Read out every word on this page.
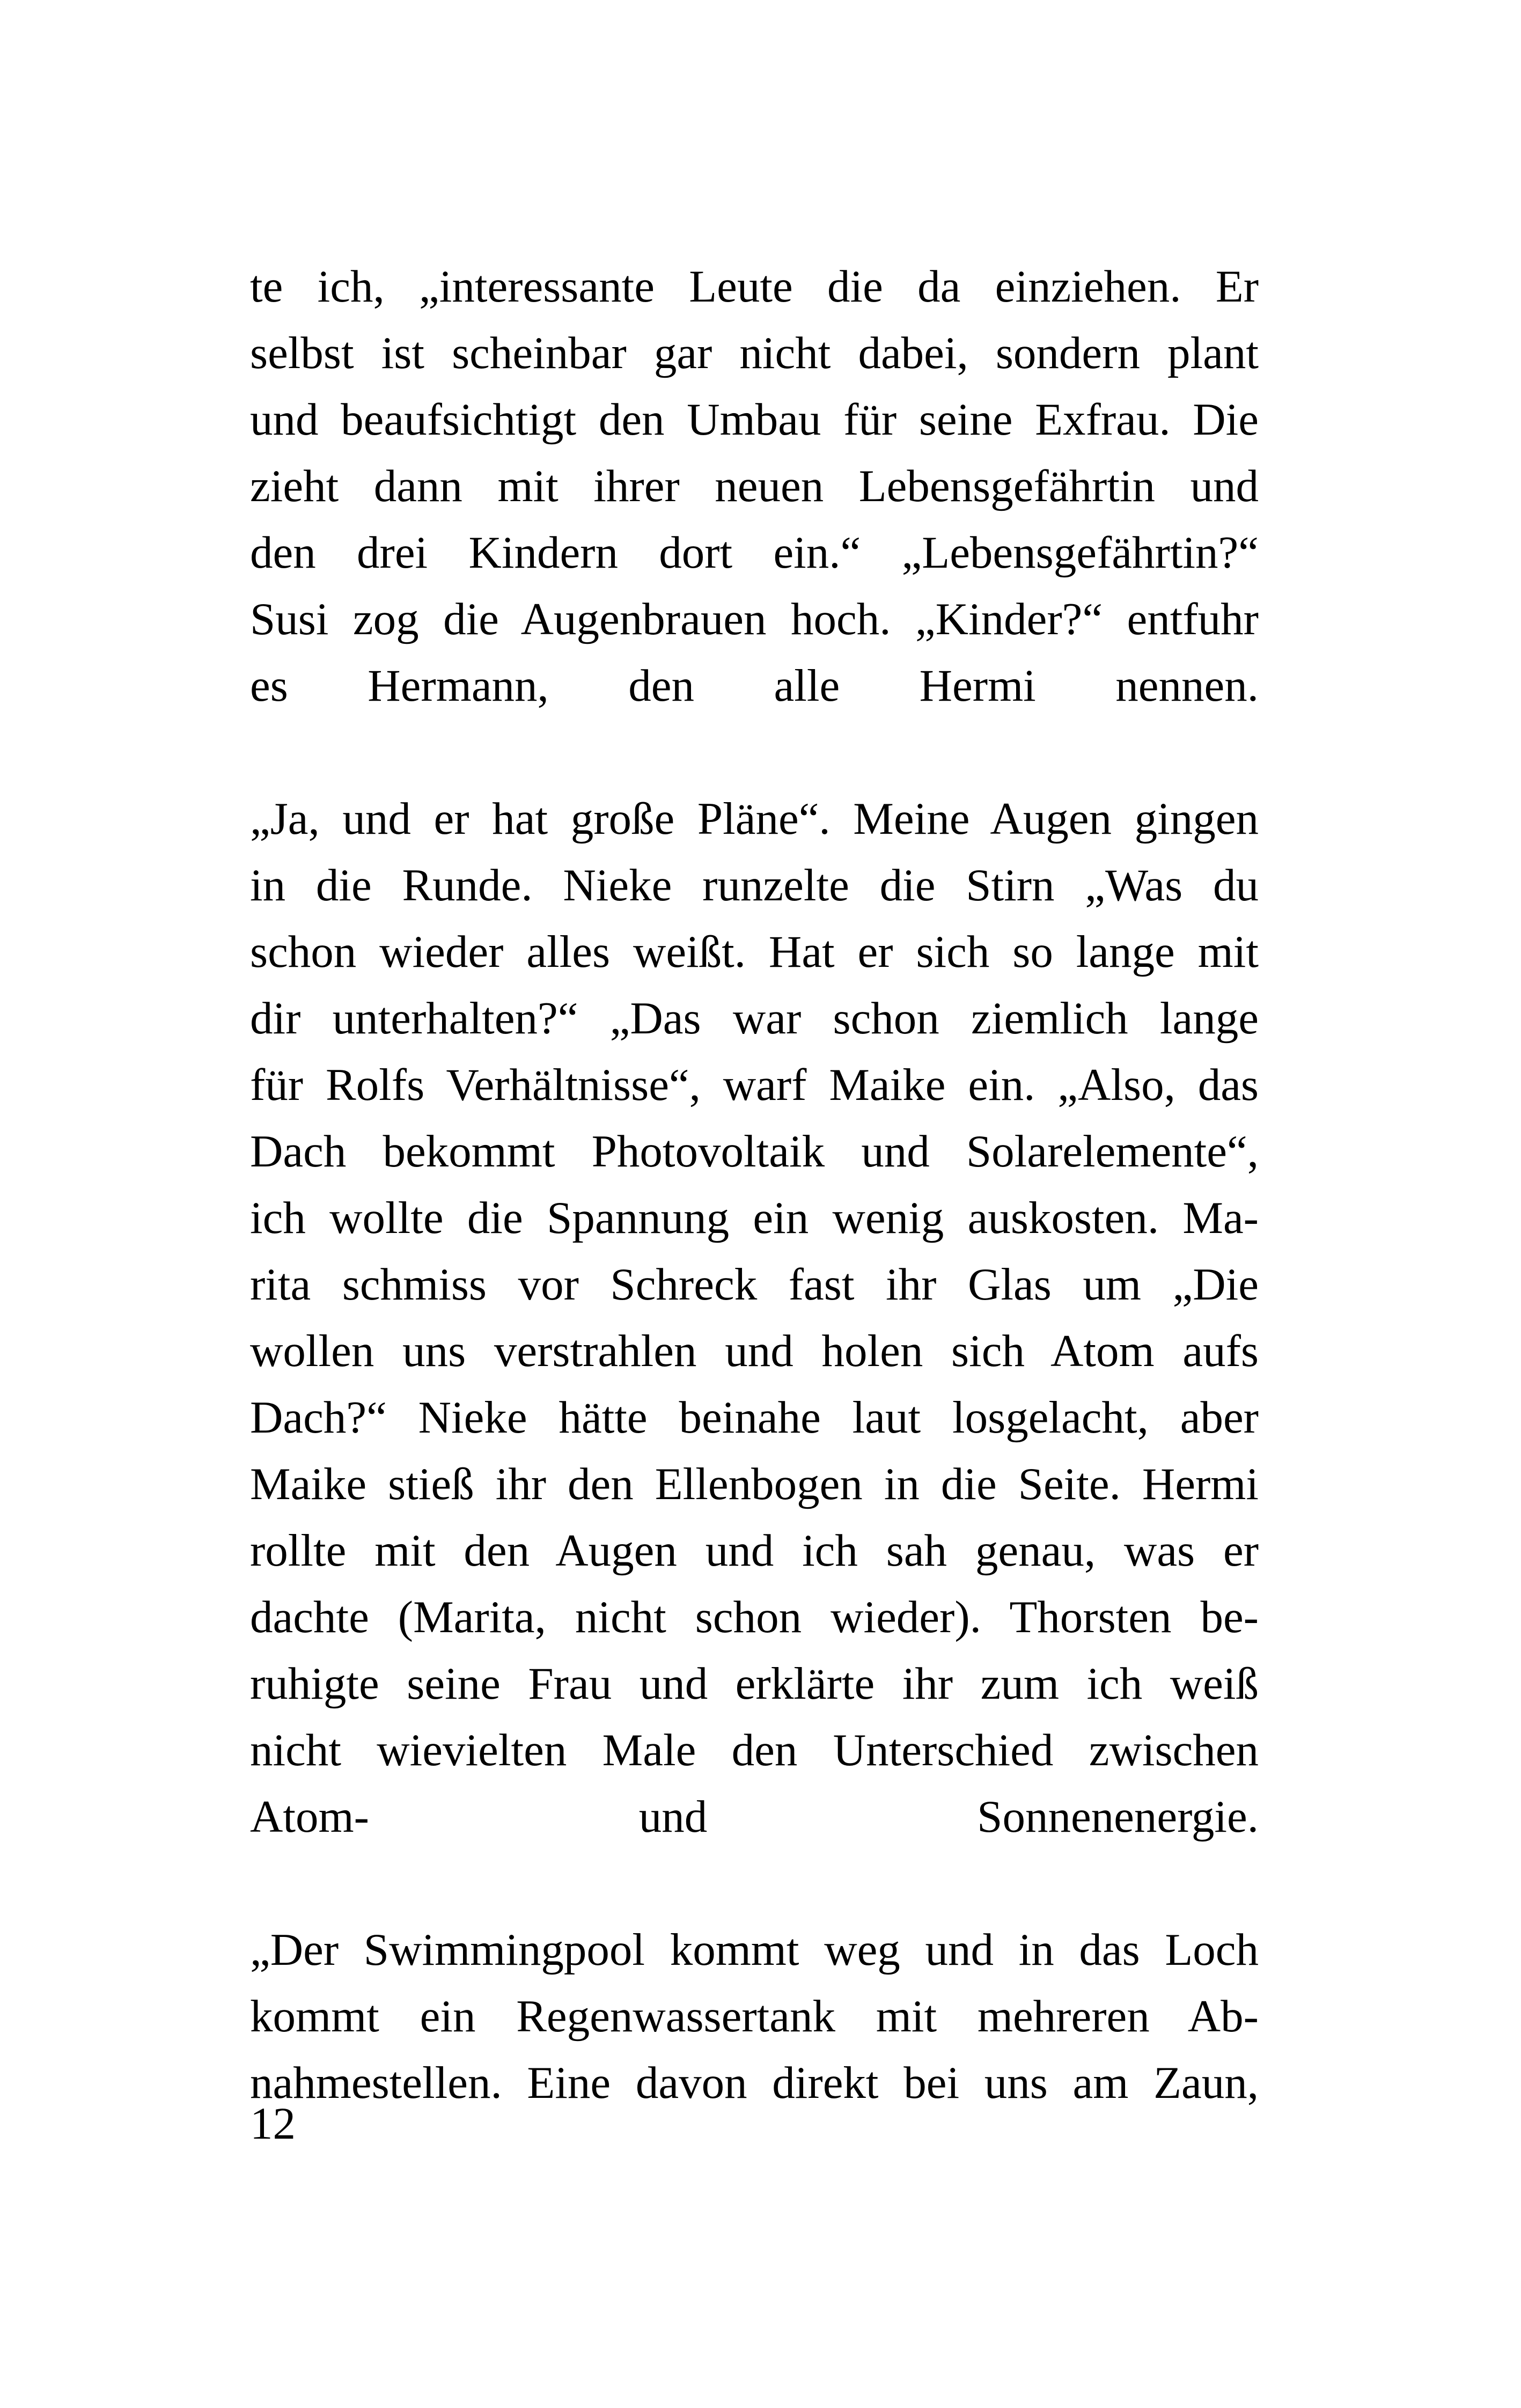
te ich, „interessante Leute die da einziehen. Er
selbst ist scheinbar gar nicht dabei, sondern plant
und beaufsichtigt den Umbau für seine Exfrau. Die
zieht dann mit ihrer neuen Lebensgefährtin und
den drei Kindern dort ein.“ „Lebensgefährtin?“
Susi zog die Augenbrauen hoch. „Kinder?“ entfuhr
es Hermann, den alle Hermi nennen.
„Ja, und er hat große Pläne“. Meine Augen gingen
in die Runde. Nieke runzelte die Stirn „Was du
schon wieder alles weißt. Hat er sich so lange mit
dir unterhalten?“ „Das war schon ziemlich lange
für Rolfs Verhältnisse“, warf Maike ein. „Also, das
Dach bekommt Photovoltaik und Solarelemente“,
ich wollte die Spannung ein wenig auskosten. Ma-
rita schmiss vor Schreck fast ihr Glas um „Die
wollen uns verstrahlen und holen sich Atom aufs
Dach?“ Nieke hätte beinahe laut losgelacht, aber
Maike stieß ihr den Ellenbogen in die Seite. Hermi
rollte mit den Augen und ich sah genau, was er
dachte (Marita, nicht schon wieder). Thorsten be-
ruhigte seine Frau und erklärte ihr zum ich weiß
nicht wievielten Male den Unterschied zwischen
Atom- und Sonnenenergie.
„Der Swimmingpool kommt weg und in das Loch
kommt ein Regenwassertank mit mehreren Ab-
nahmestellen. Eine davon direkt bei uns am Zaun,
12
